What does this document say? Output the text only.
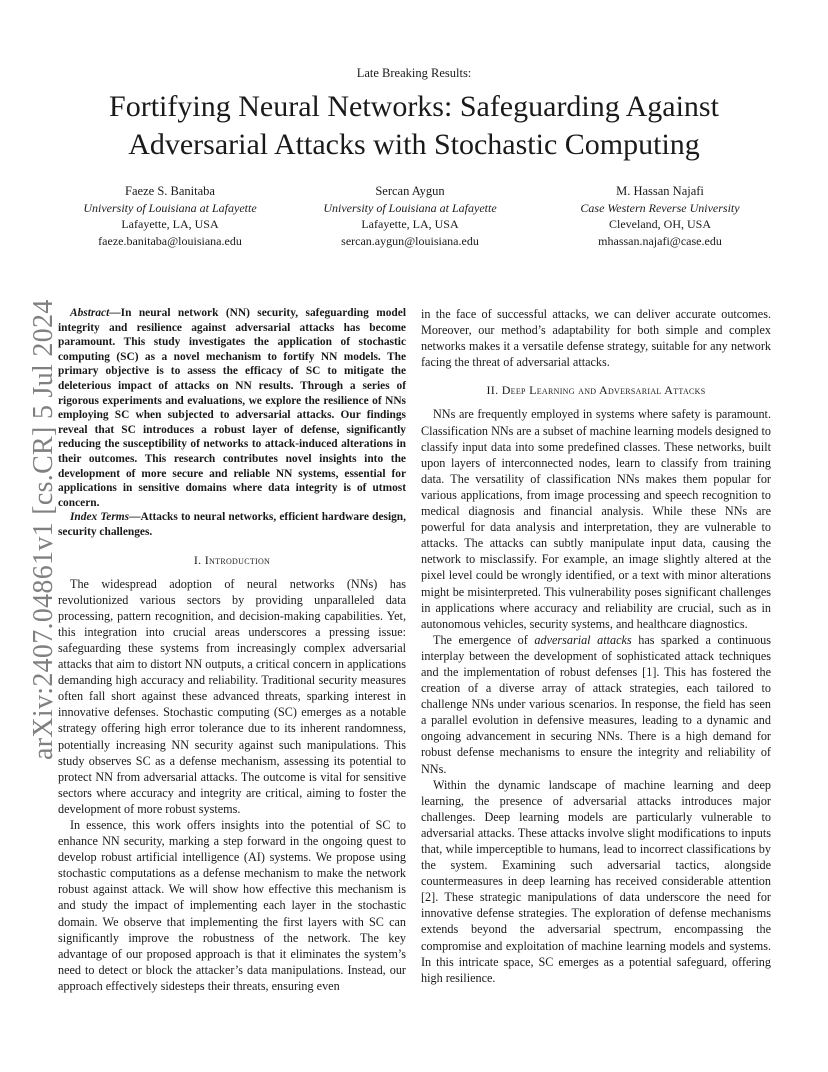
Late Breaking Results:
Fortifying Neural Networks: Safeguarding Against
Adversarial Attacks with Stochastic Computing
Faeze S. Banitaba
University of Louisiana at Lafayette
Lafayette, LA, USA
faeze.banitaba@louisiana.edu
Sercan Aygun
University of Louisiana at Lafayette
Lafayette, LA, USA
sercan.aygun@louisiana.edu
M. Hassan Najafi
Case Western Reverse University
Cleveland, OH, USA
mhassan.najafi@case.edu
arXiv:2407.04861v1 [cs.CR] 5 Jul 2024 Abstract—In neural network (NN) security, safeguarding model integrity and resilience against adversarial attacks has become paramount. This study investigates the application of stochastic computing (SC) as a novel mechanism to fortify NN models. The primary objective is to assess the efficacy of SC to mitigate the deleterious impact of attacks on NN results. Through a series of rigorous experiments and evaluations, we explore the resilience of NNs employing SC when subjected to adversarial attacks. Our findings reveal that SC introduces a robust layer of defense, significantly reducing the susceptibility of networks to attack-induced alterations in their outcomes. This research contributes novel insights into the development of more secure and reliable NN systems, essential for applications in sensitive domains where data integrity is of utmost concern.

Index Terms—Attacks to neural networks, efficient hardware design, security challenges.

I. Introduction

The widespread adoption of neural networks (NNs) has revolutionized various sectors by providing unparalleled data processing, pattern recognition, and decision-making capabilities. Yet, this integration into crucial areas underscores a pressing issue: safeguarding these systems from increasingly complex adversarial attacks that aim to distort NN outputs, a critical concern in applications demanding high accuracy and reliability. Traditional security measures often fall short against these advanced threats, sparking interest in innovative defenses. Stochastic computing (SC) emerges as a notable strategy offering high error tolerance due to its inherent randomness, potentially increasing NN security against such manipulations. This study observes SC as a defense mechanism, assessing its potential to protect NN from adversarial attacks. The outcome is vital for sensitive sectors where accuracy and integrity are critical, aiming to foster the development of more robust systems.

In essence, this work offers insights into the potential of SC to enhance NN security, marking a step forward in the ongoing quest to develop robust artificial intelligence (AI) systems. We propose using stochastic computations as a defense mechanism to make the network robust against attack. We will show how effective this mechanism is and study the impact of implementing each layer in the stochastic domain. We observe that implementing the first layers with SC can significantly improve the robustness of the network. The key advantage of our proposed approach is that it eliminates the system’s need to detect or block the attacker’s data manipulations. Instead, our approach effectively sidesteps their threats, ensuring even

in the face of successful attacks, we can deliver accurate outcomes. Moreover, our method’s adaptability for both simple and complex networks makes it a versatile defense strategy, suitable for any network facing the threat of adversarial attacks.

II. Deep Learning and Adversarial Attacks

NNs are frequently employed in systems where safety is paramount. Classification NNs are a subset of machine learning models designed to classify input data into some predefined classes. These networks, built upon layers of interconnected nodes, learn to classify from training data. The versatility of classification NNs makes them popular for various applications, from image processing and speech recognition to medical diagnosis and financial analysis. While these NNs are powerful for data analysis and interpretation, they are vulnerable to attacks. The attacks can subtly manipulate input data, causing the network to misclassify. For example, an image slightly altered at the pixel level could be wrongly identified, or a text with minor alterations might be misinterpreted. This vulnerability poses significant challenges in applications where accuracy and reliability are crucial, such as in autonomous vehicles, security systems, and healthcare diagnostics.

The emergence of adversarial attacks has sparked a continuous interplay between the development of sophisticated attack techniques and the implementation of robust defenses [1]. This has fostered the creation of a diverse array of attack strategies, each tailored to challenge NNs under various scenarios. In response, the field has seen a parallel evolution in defensive measures, leading to a dynamic and ongoing advancement in securing NNs. There is a high demand for robust defense mechanisms to ensure the integrity and reliability of NNs.

Within the dynamic landscape of machine learning and deep learning, the presence of adversarial attacks introduces major challenges. Deep learning models are particularly vulnerable to adversarial attacks. These attacks involve slight modifications to inputs that, while imperceptible to humans, lead to incorrect classifications by the system. Examining such adversarial tactics, alongside countermeasures in deep learning has received considerable attention [2]. These strategic manipulations of data underscore the need for innovative defense strategies. The exploration of defense mechanisms extends beyond the adversarial spectrum, encompassing the compromise and exploitation of machine learning models and systems. In this intricate space, SC emerges as a potential safeguard, offering high resilience.
